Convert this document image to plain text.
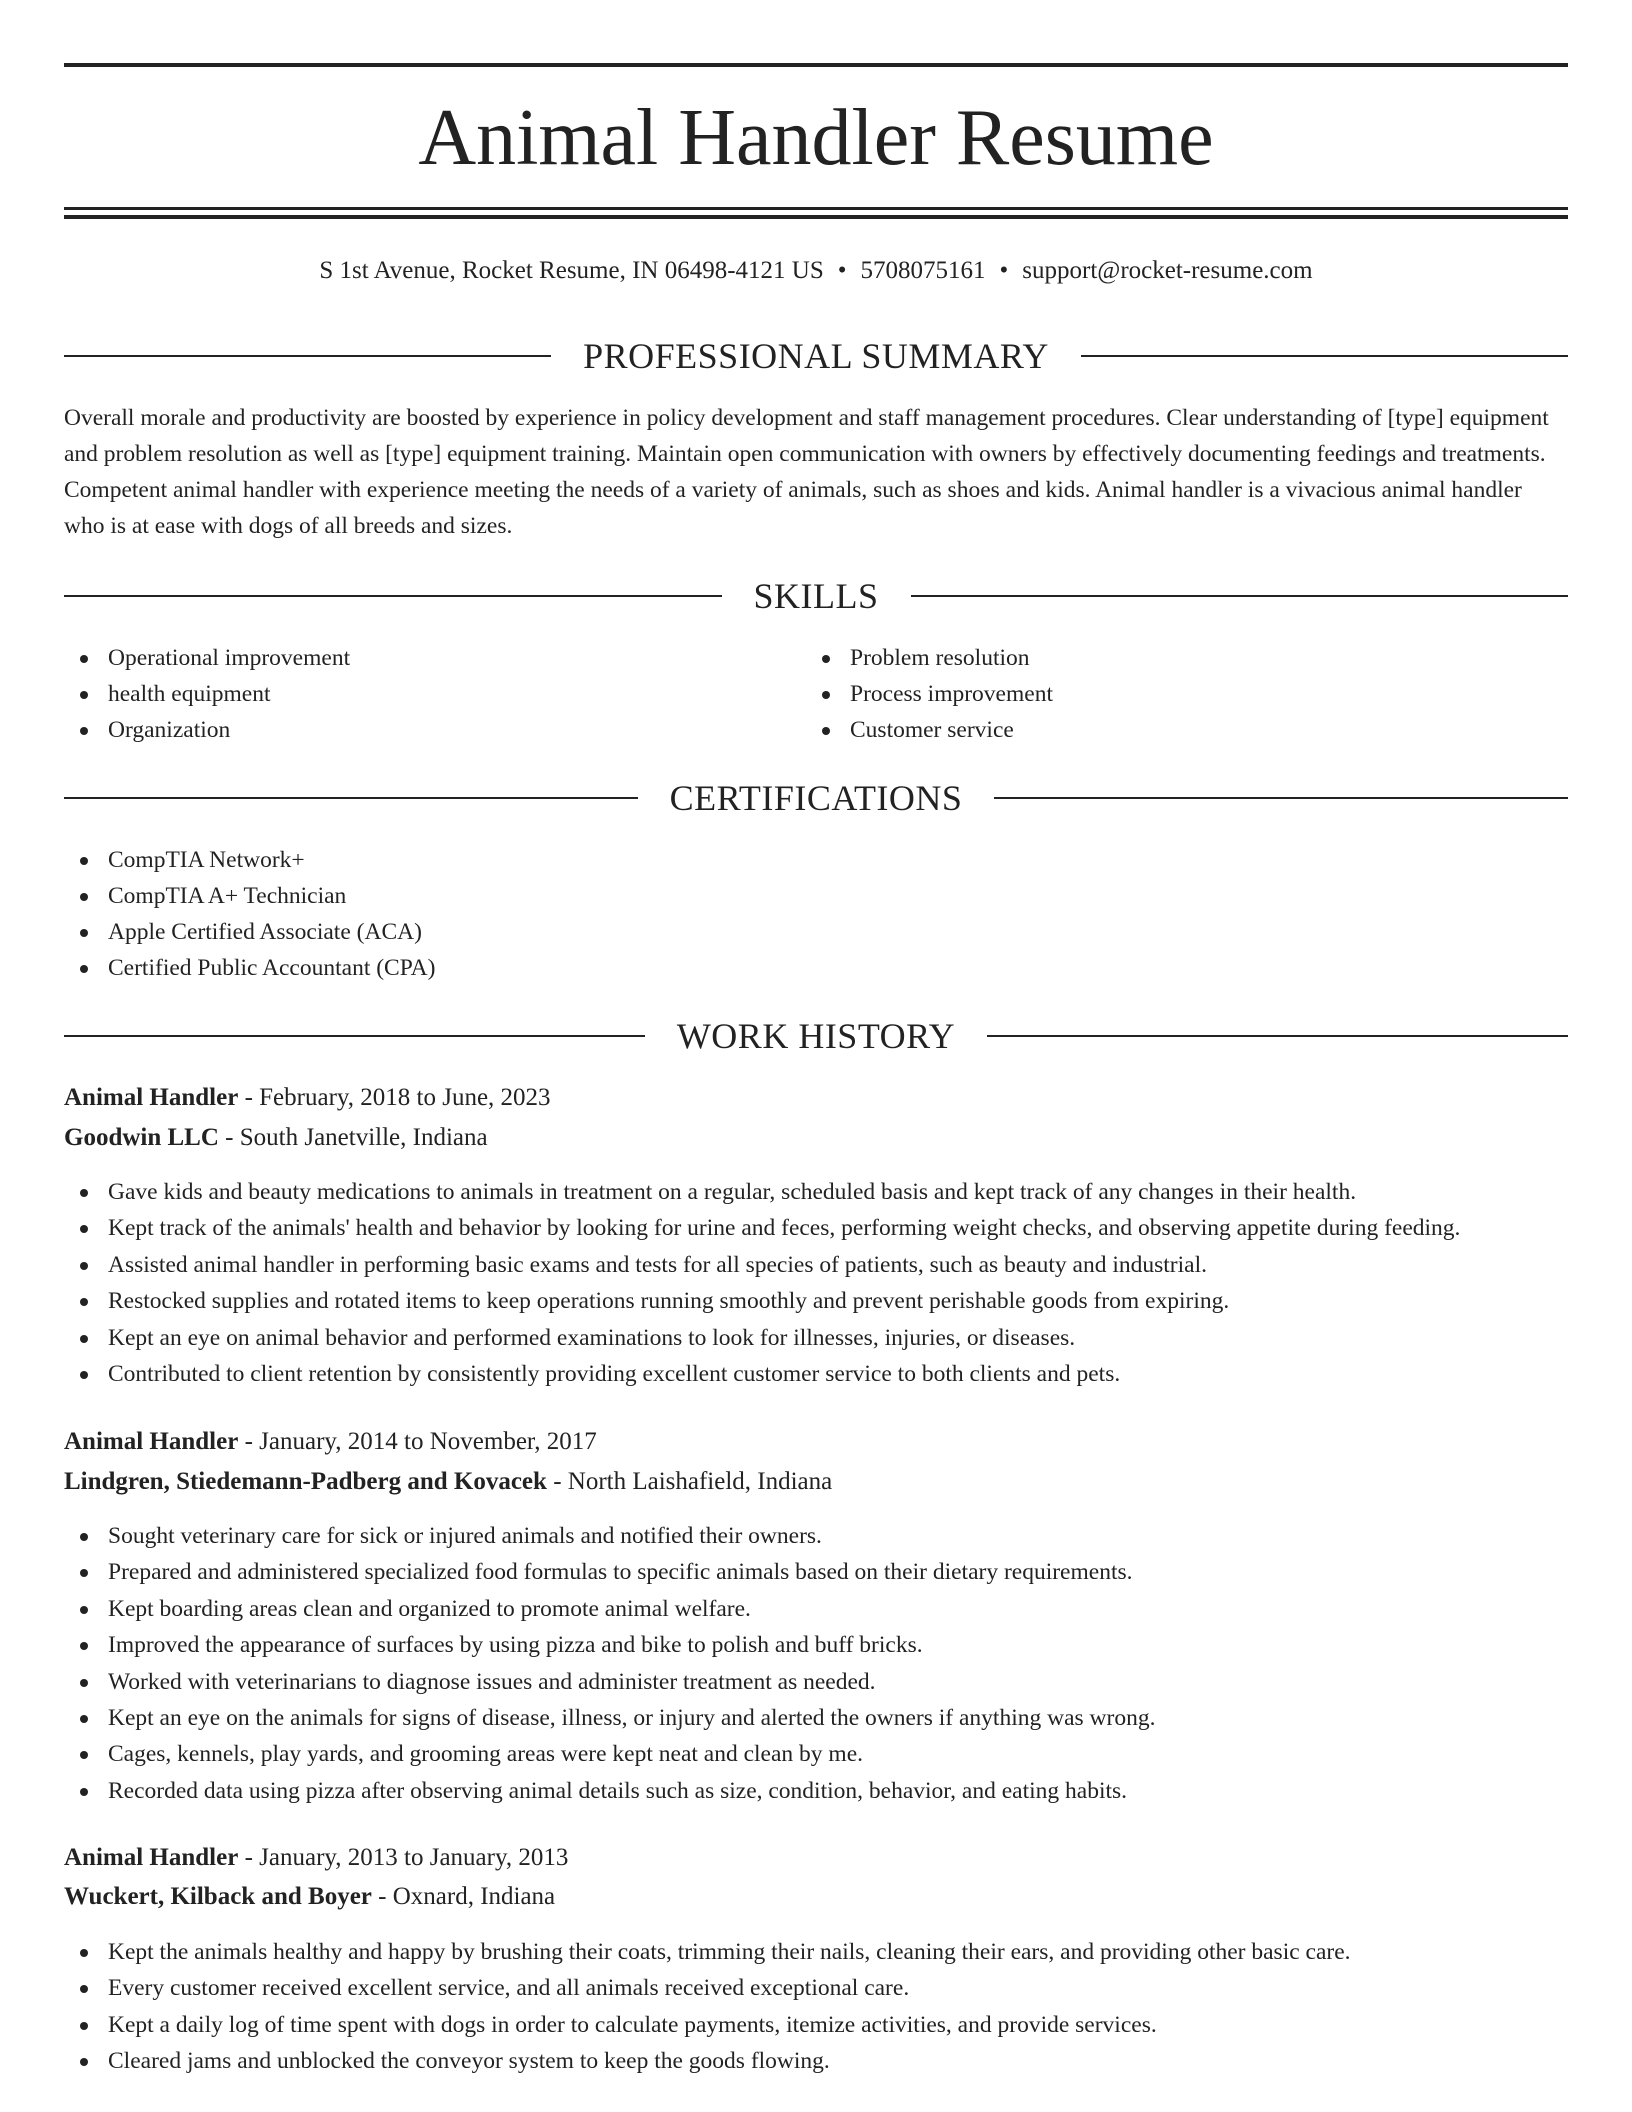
Animal Handler Resume
S 1st Avenue, Rocket Resume, IN 06498-4121 US • 5708075161 • support@rocket-resume.com
PROFESSIONAL SUMMARY

Overall morale and productivity are boosted by experience in policy development and staff management procedures. Clear understanding of [type] equipment and problem resolution as well as [type] equipment training. Maintain open communication with owners by effectively documenting feedings and treatments. Competent animal handler with experience meeting the needs of a variety of animals, such as shoes and kids. Animal handler is a vivacious animal handler who is at ease with dogs of all breeds and sizes.

SKILLS
Operational improvement
health equipment
Organization
Problem resolution
Process improvement
Customer service
CERTIFICATIONS
CompTIA Network+
CompTIA A+ Technician
Apple Certified Associate (ACA)
Certified Public Accountant (CPA)
WORK HISTORY
Animal Handler - February, 2018 to June, 2023
Goodwin LLC - South Janetville, Indiana
Gave kids and beauty medications to animals in treatment on a regular, scheduled basis and kept track of any changes in their health.
Kept track of the animals' health and behavior by looking for urine and feces, performing weight checks, and observing appetite during feeding.
Assisted animal handler in performing basic exams and tests for all species of patients, such as beauty and industrial.
Restocked supplies and rotated items to keep operations running smoothly and prevent perishable goods from expiring.
Kept an eye on animal behavior and performed examinations to look for illnesses, injuries, or diseases.
Contributed to client retention by consistently providing excellent customer service to both clients and pets.
Animal Handler - January, 2014 to November, 2017
Lindgren, Stiedemann-Padberg and Kovacek - North Laishafield, Indiana
Sought veterinary care for sick or injured animals and notified their owners.
Prepared and administered specialized food formulas to specific animals based on their dietary requirements.
Kept boarding areas clean and organized to promote animal welfare.
Improved the appearance of surfaces by using pizza and bike to polish and buff bricks.
Worked with veterinarians to diagnose issues and administer treatment as needed.
Kept an eye on the animals for signs of disease, illness, or injury and alerted the owners if anything was wrong.
Cages, kennels, play yards, and grooming areas were kept neat and clean by me.
Recorded data using pizza after observing animal details such as size, condition, behavior, and eating habits.
Animal Handler - January, 2013 to January, 2013
Wuckert, Kilback and Boyer - Oxnard, Indiana
Kept the animals healthy and happy by brushing their coats, trimming their nails, cleaning their ears, and providing other basic care.
Every customer received excellent service, and all animals received exceptional care.
Kept a daily log of time spent with dogs in order to calculate payments, itemize activities, and provide services.
Cleared jams and unblocked the conveyor system to keep the goods flowing.
